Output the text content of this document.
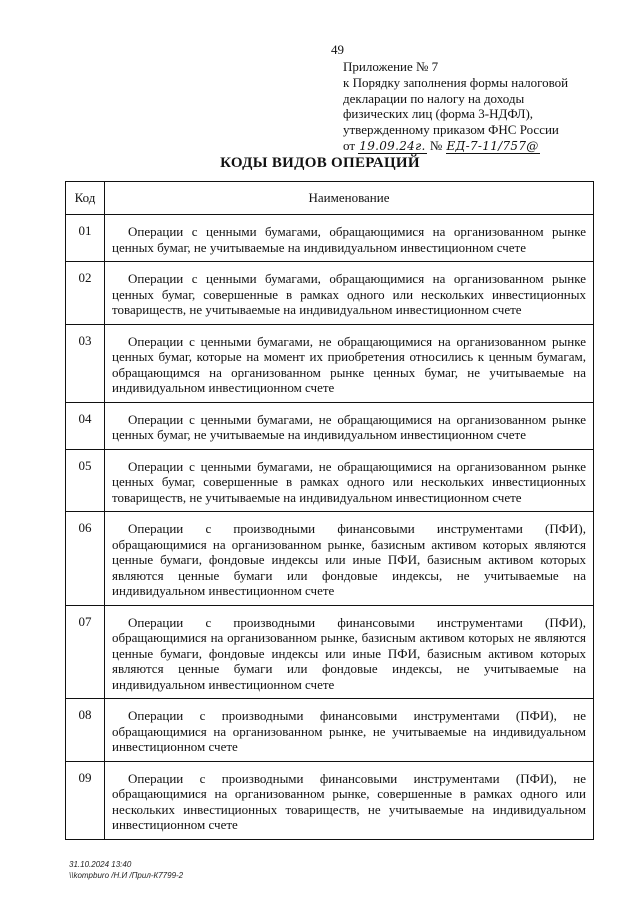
49
Приложение № 7
к Порядку заполнения формы налоговой
декларации по налогу на доходы
физических лиц (форма 3-НДФЛ),
утвержденному приказом ФНС России
от 19.09.24г. № ЕД-7-11/757@
КОДЫ ВИДОВ ОПЕРАЦИЙ
Код	Наименование
01	Операции с ценными бумагами, обращающимися на организованном рынке ценных бумаг, не учитываемые на индивидуальном инвестиционном счете
02	Операции с ценными бумагами, обращающимися на организованном рынке ценных бумаг, совершенные в рамках одного или нескольких инвестиционных товариществ, не учитываемые на индивидуальном инвестиционном счете
03	Операции с ценными бумагами, не обращающимися на организованном рынке ценных бумаг, которые на момент их приобретения относились к ценным бумагам, обращающимся на организованном рынке ценных бумаг, не учитываемые на индивидуальном инвестиционном счете
04	Операции с ценными бумагами, не обращающимися на организованном рынке ценных бумаг, не учитываемые на индивидуальном инвестиционном счете
05	Операции с ценными бумагами, не обращающимися на организованном рынке ценных бумаг, совершенные в рамках одного или нескольких инвестиционных товариществ, не учитываемые на индивидуальном инвестиционном счете
06	Операции с производными финансовыми инструментами (ПФИ), обращающимися на организованном рынке, базисным активом которых являются ценные бумаги, фондовые индексы или иные ПФИ, базисным активом которых являются ценные бумаги или фондовые индексы, не учитываемые на индивидуальном инвестиционном счете
07	Операции с производными финансовыми инструментами (ПФИ), обращающимися на организованном рынке, базисным активом которых не являются ценные бумаги, фондовые индексы или иные ПФИ, базисным активом которых являются ценные бумаги или фондовые индексы, не учитываемые на индивидуальном инвестиционном счете
08	Операции с производными финансовыми инструментами (ПФИ), не обращающимися на организованном рынке, не учитываемые на индивидуальном инвестиционном счете
09	Операции с производными финансовыми инструментами (ПФИ), не обращающимися на организованном рынке, совершенные в рамках одного или нескольких инвестиционных товариществ, не учитываемые на индивидуальном инвестиционном счете
31.10.2024 13:40
\\kompburo /Н.И /Прил-К7799-2
